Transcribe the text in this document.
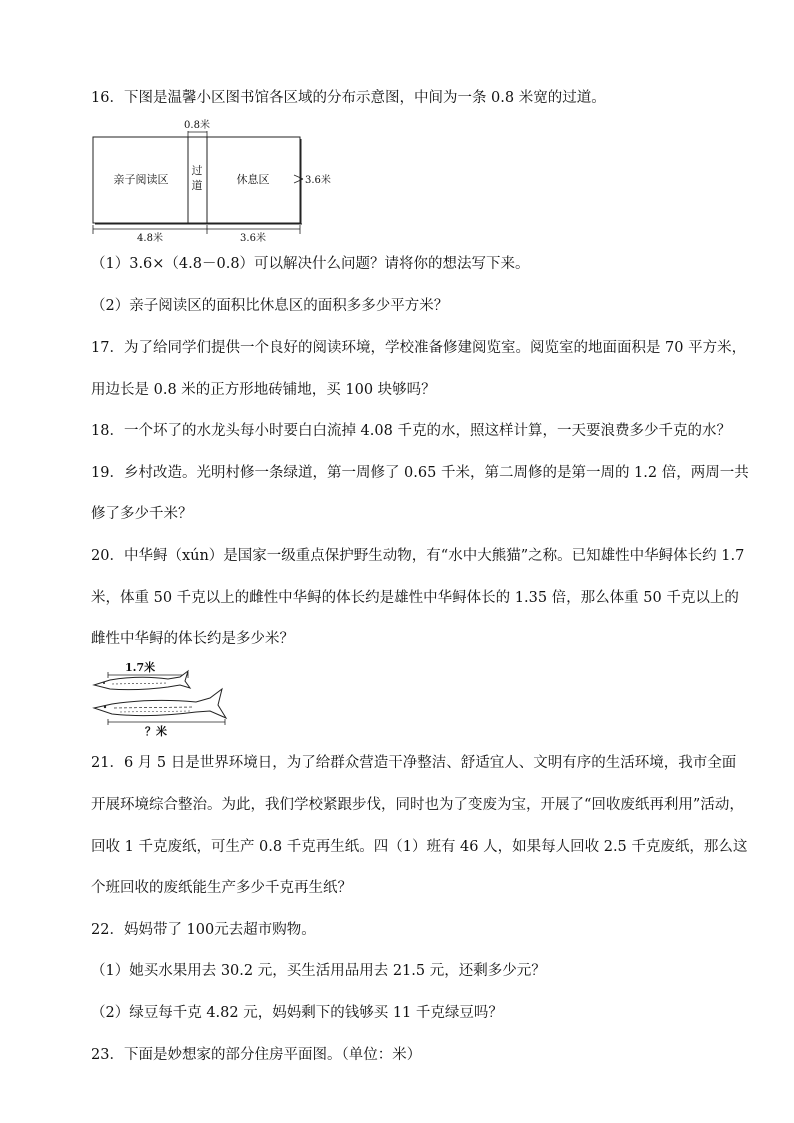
16．下图是温馨小区图书馆各区域的分布示意图，中间为一条 0.8 米宽的过道。
0.8米
亲子阅读区
过
道	休息区	3.6米
4.8米	3.6米
（1）3.6×（4.8－0.8）可以解决什么问题？请将你的想法写下来。
（2）亲子阅读区的面积比休息区的面积多多少平方米？
17．为了给同学们提供一个良好的阅读环境，学校准备修建阅览室。阅览室的地面面积是 70 平方米，
用边长是 0.8 米的正方形地砖铺地，买 100 块够吗？
18．一个坏了的水龙头每小时要白白流掉 4.08 千克的水，照这样计算，一天要浪费多少千克的水？
19．乡村改造。光明村修一条绿道，第一周修了 0.65 千米，第二周修的是第一周的 1.2 倍，两周一共
修了多少千米？
20．中华鲟（xún）是国家一级重点保护野生动物，有“水中大熊猫”之称。已知雄性中华鲟体长约 1.7
米，体重 50 千克以上的雌性中华鲟的体长约是雄性中华鲟体长的 1.35 倍，那么体重 50 千克以上的
雌性中华鲟的体长约是多少米？
1.7米
？米
21．6 月 5 日是世界环境日，为了给群众营造干净整洁、舒适宜人、文明有序的生活环境，我市全面
开展环境综合整治。为此，我们学校紧跟步伐，同时也为了变废为宝，开展了“回收废纸再利用”活动，
回收 1 千克废纸，可生产 0.8 千克再生纸。四（1）班有 46 人，如果每人回收 2.5 千克废纸，那么这
个班回收的废纸能生产多少千克再生纸？
22．妈妈带了 100元去超市购物。
（1）她买水果用去 30.2 元，买生活用品用去 21.5 元，还剩多少元？
（2）绿豆每千克 4.82 元，妈妈剩下的钱够买 11 千克绿豆吗？
23．下面是妙想家的部分住房平面图。（单位：米）
